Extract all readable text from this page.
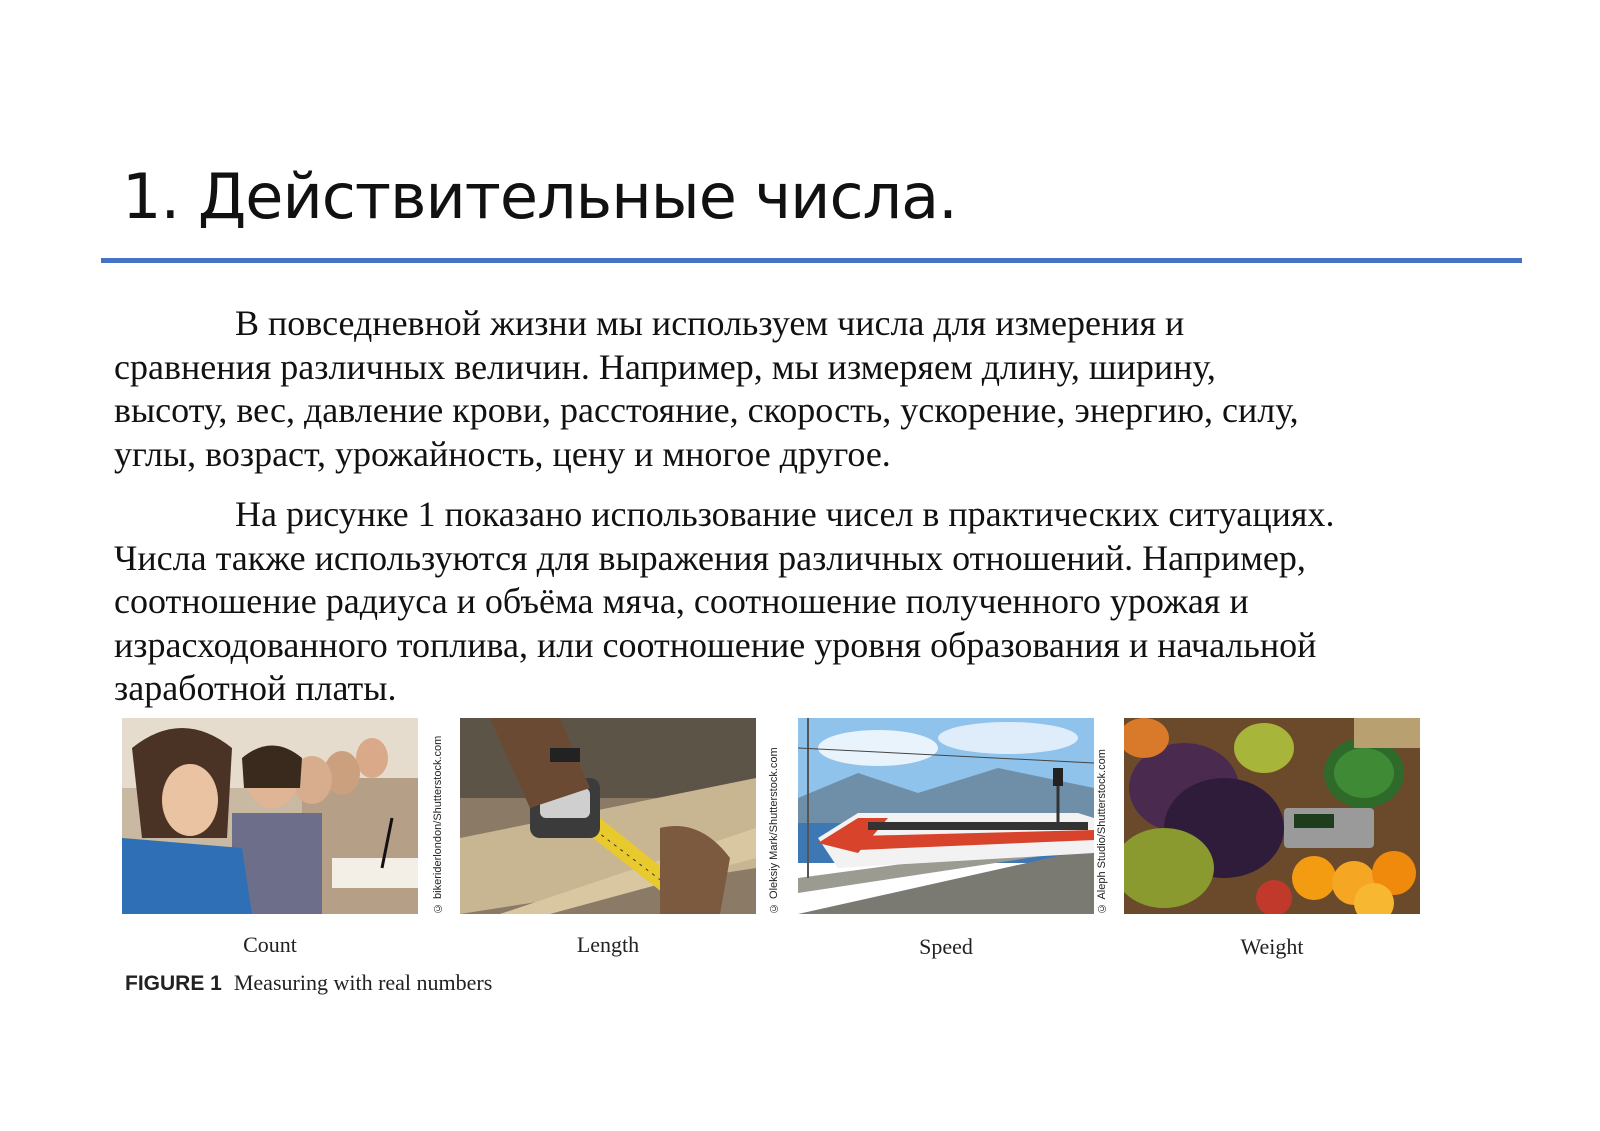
1. Действительные числа.

В повседневной жизни мы используем числа для измерения и
сравнения различных величин. Например, мы измеряем длину, ширину,
высоту, вес, давление крови, расстояние, скорость, ускорение, энергию, силу,
углы, возраст, урожайность, цену и многое другое.

На рисунке 1 показано использование чисел в практических ситуациях.
Числа также используются для выражения различных отношений. Например,
соотношение радиуса и объёма мяча, соотношение полученного урожая и
израсходованного топлива, или соотношение уровня образования и начальной
заработной платы.

© bikeriderlondon/Shutterstock.com
Count
© Oleksiy Mark/Shutterstock.com
Length
© Aleph Studio/Shutterstock.com
Speed	Weight
FIGURE 1 Measuring with real numbers
